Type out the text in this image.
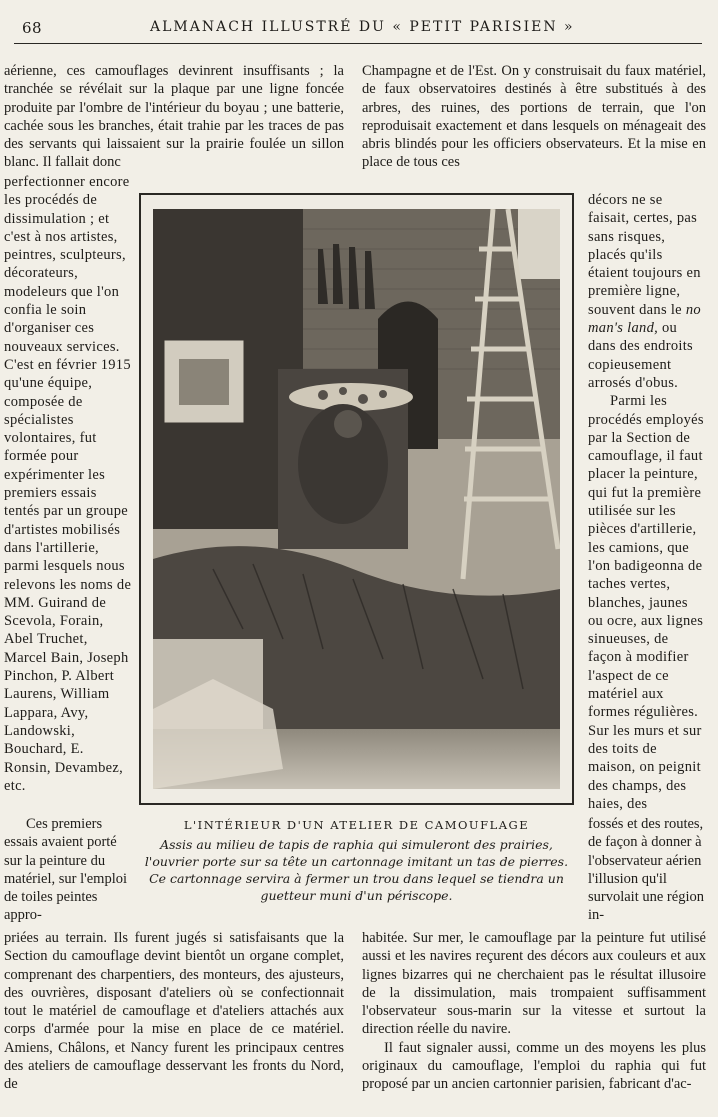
68	ALMANACH ILLUSTRÉ DU « PETIT PARISIEN »

aérienne, ces camouflages devinrent insuffisants ; la tranchée se révélait sur la plaque par une ligne foncée produite par l'ombre de l'intérieur du boyau ; une batterie, cachée sous les branches, était trahie par les traces de pas des servants qui laissaient sur la prairie foulée un sillon blanc. Il fallait donc

Champagne et de l'Est. On y construisait du faux matériel, de faux observatoires destinés à être substitués à des arbres, des ruines, des portions de terrain, que l'on reproduisait exactement et dans lesquels on ménageait des abris blindés pour les officiers observateurs. Et la mise en place de tous ces

perfectionner encore les procédés de dissimulation ; et c'est à nos artistes, peintres, sculpteurs, décorateurs, modeleurs que l'on confia le soin d'organiser ces nouveaux services. C'est en février 1915 qu'une équipe, composée de spécialistes volontaires, fut formée pour expérimenter les premiers essais tentés par un groupe d'artistes mobilisés dans l'artillerie, parmi lesquels nous relevons les noms de MM. Guirand de Scevola, Forain, Abel Truchet, Marcel Bain, Joseph Pinchon, P. Albert Laurens, William Lappara, Avy, Landowski, Bouchard, E. Ronsin, Devambez, etc.

décors ne se faisait, certes, pas sans risques, placés qu'ils étaient toujours en première ligne, souvent dans le no man's land, ou dans des endroits copieusement arrosés d'obus.

Parmi les procédés employés par la Section de camouflage, il faut placer la peinture, qui fut la première utilisée sur les pièces d'artillerie, les camions, que l'on badigeonna de taches vertes, blanches, jaunes ou ocre, aux lignes sinueuses, de façon à modifier l'aspect de ce matériel aux formes régulières. Sur les murs et sur des toits de maison, on peignit des champs, des haies, des

Ces premiers essais avaient porté sur la peinture du matériel, sur l'emploi de toiles peintes appro-

fossés et des routes, de façon à donner à l'observateur aérien l'illusion qu'il survolait une région in-

priées au terrain. Ils furent jugés si satisfaisants que la Section du camouflage devint bientôt un organe complet, comprenant des charpentiers, des monteurs, des ajusteurs, des ouvrières, disposant d'ateliers où se confectionnait tout le matériel de camouflage et d'ateliers attachés aux corps d'armée pour la mise en place de ce matériel. Amiens, Châlons, et Nancy furent les principaux centres des ateliers de camouflage desservant les fronts du Nord, de

habitée. Sur mer, le camouflage par la peinture fut utilisé aussi et les navires reçurent des décors aux couleurs et aux lignes bizarres qui ne cherchaient pas le résultat illusoire de la dissimulation, mais trompaient suffisamment l'observateur sous-marin sur la vitesse et surtout la direction réelle du navire.

Il faut signaler aussi, comme un des moyens les plus originaux du camouflage, l'emploi du raphia qui fut proposé par un ancien cartonnier parisien, fabricant d'ac-

L'INTÉRIEUR D'UN ATELIER DE CAMOUFLAGE
Assis au milieu de tapis de raphia qui simuleront des prairies, l'ouvrier porte sur sa tête un cartonnage imitant un tas de pierres. Ce cartonnage servira à fermer un trou dans lequel se tiendra un guetteur muni d'un périscope.
